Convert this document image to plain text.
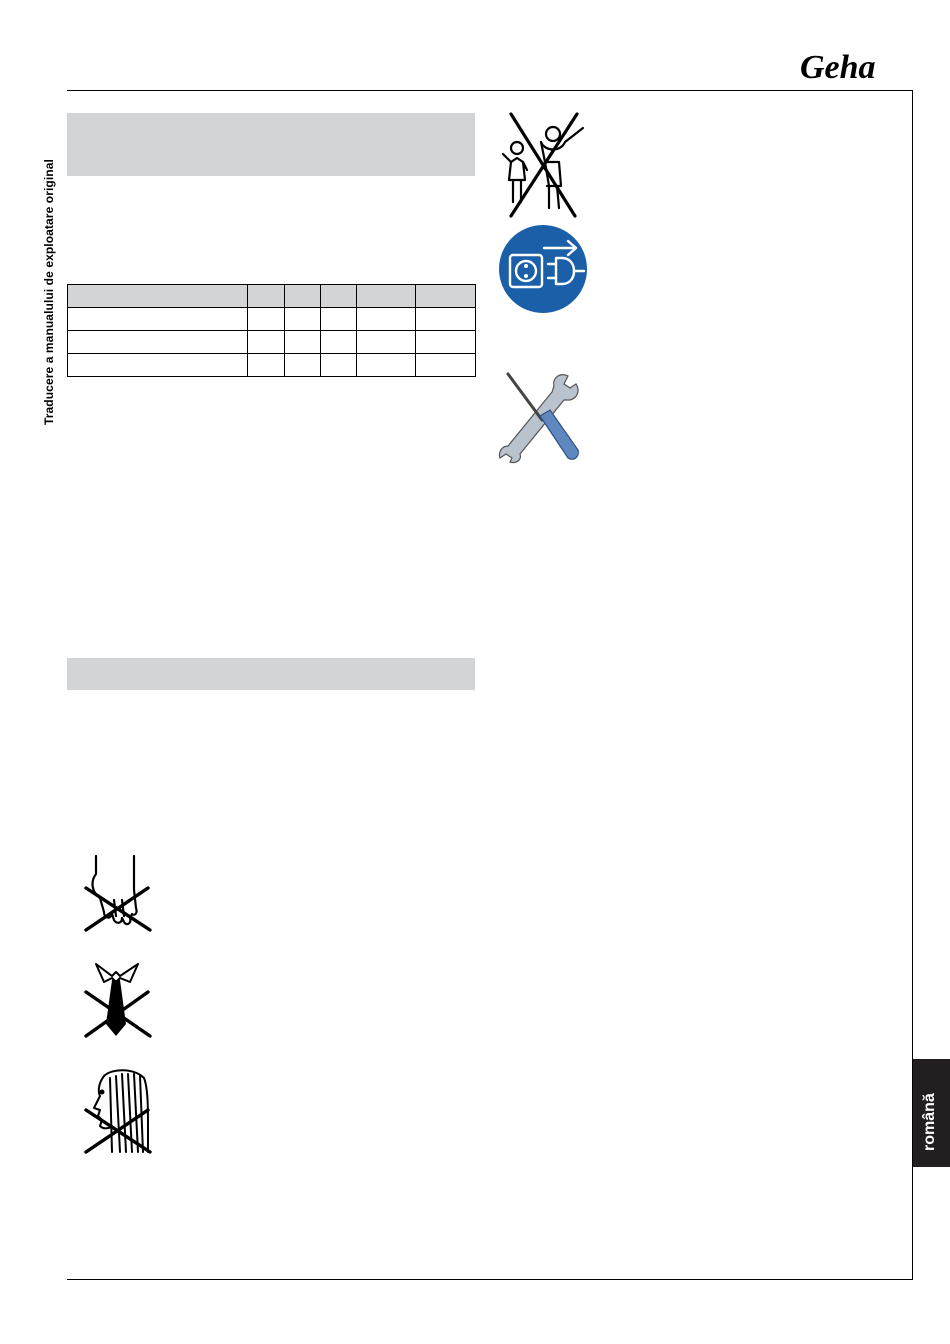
Geha
Traducere a manualului de exploatare original

română
